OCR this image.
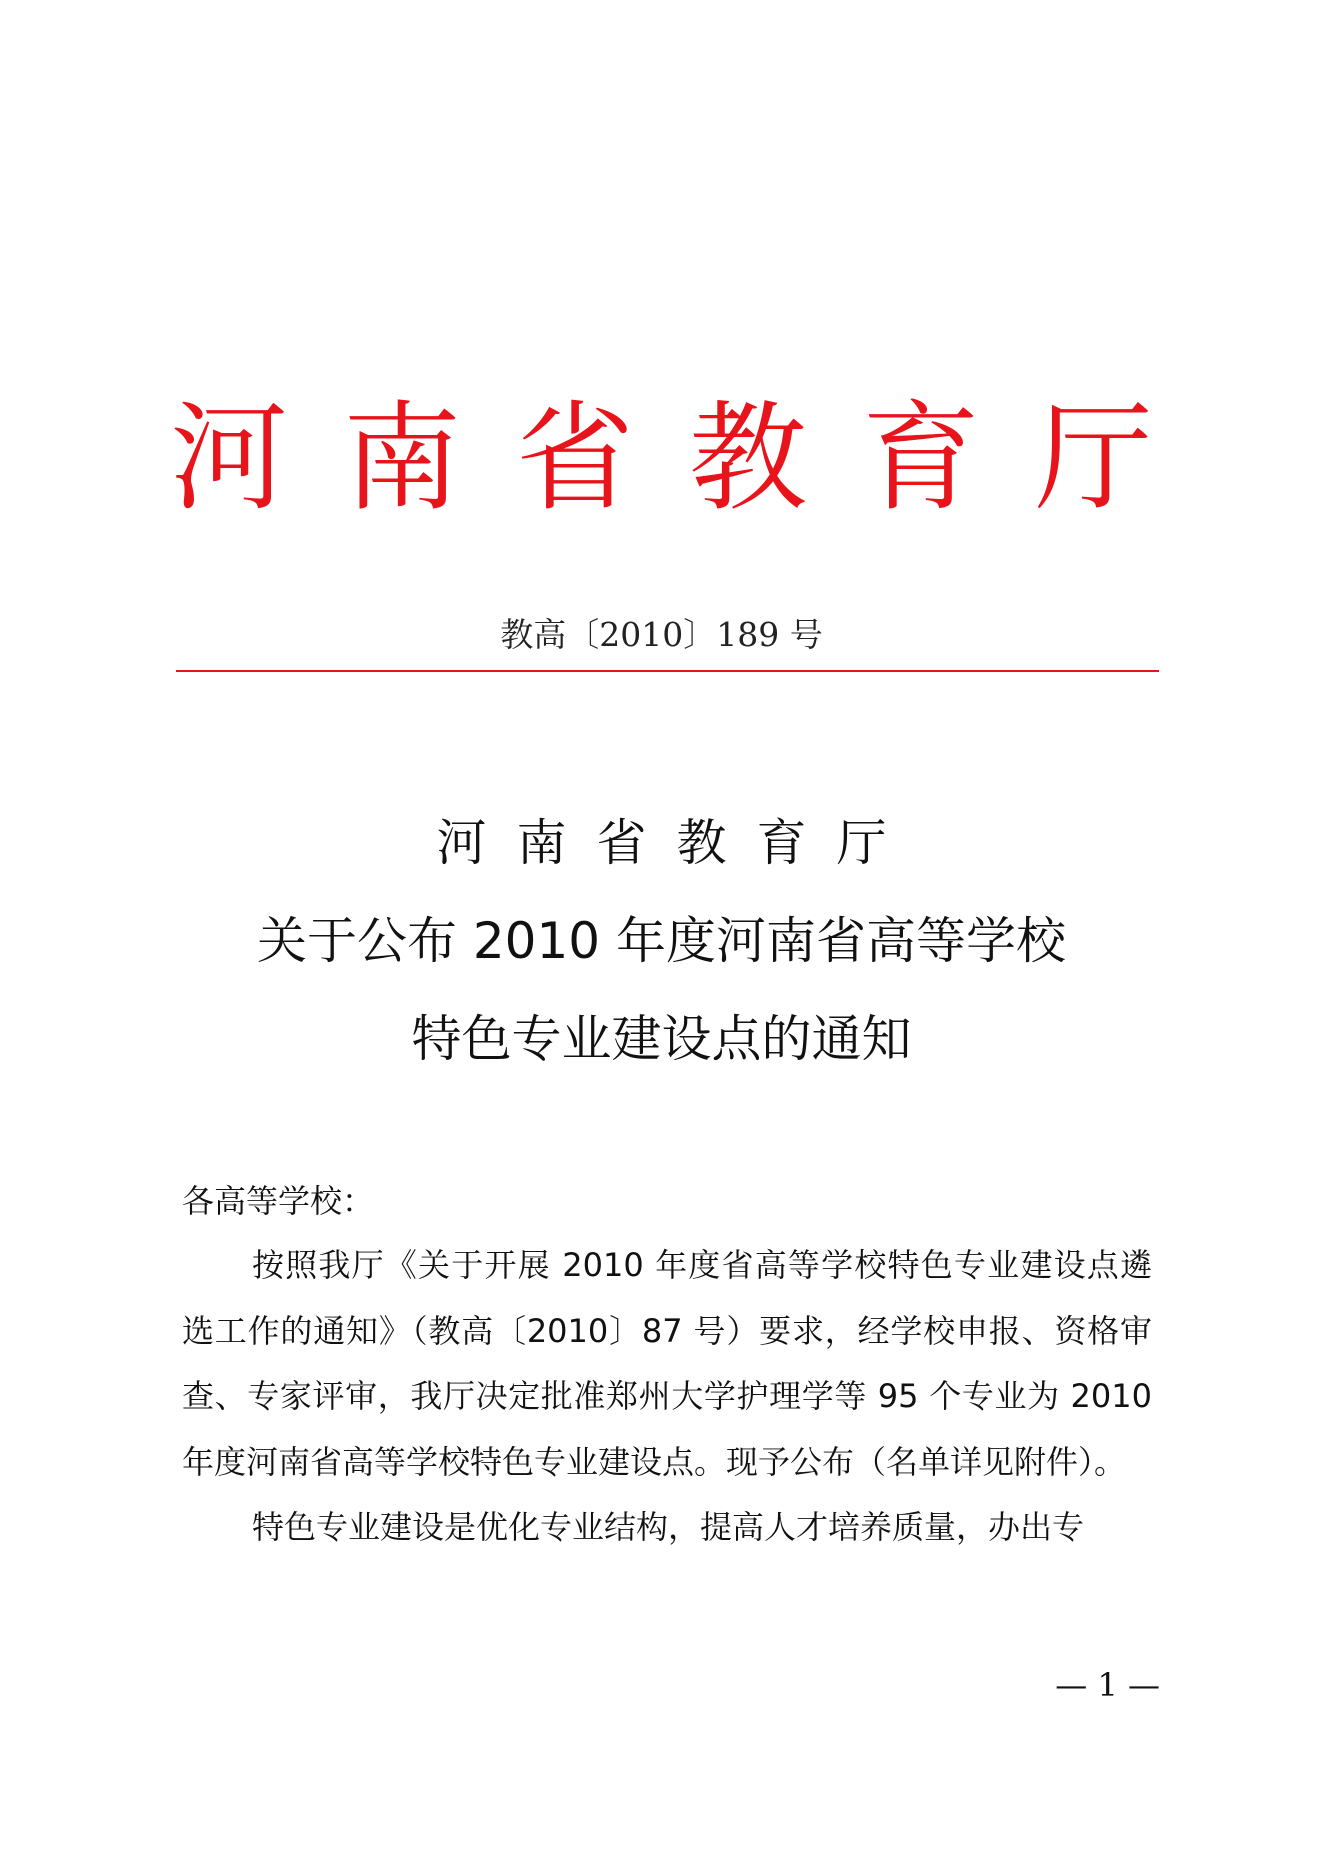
河 南 省 教 育 厅
教高〔2010〕189 号
河南省教育厅
关于公布 2010 年度河南省高等学校
特色专业建设点的通知
各高等学校：

按照我厅《关于开展 2010 年度省高等学校特色专业建设点遴选工作的通知》（教高〔2010〕87 号）要求，经学校申报、资格审查、专家评审，我厅决定批准郑州大学护理学等 95 个专业为 2010 年度河南省高等学校特色专业建设点。现予公布（名单详见附件）。

特色专业建设是优化专业结构，提高人才培养质量，办出专

— 1 —
